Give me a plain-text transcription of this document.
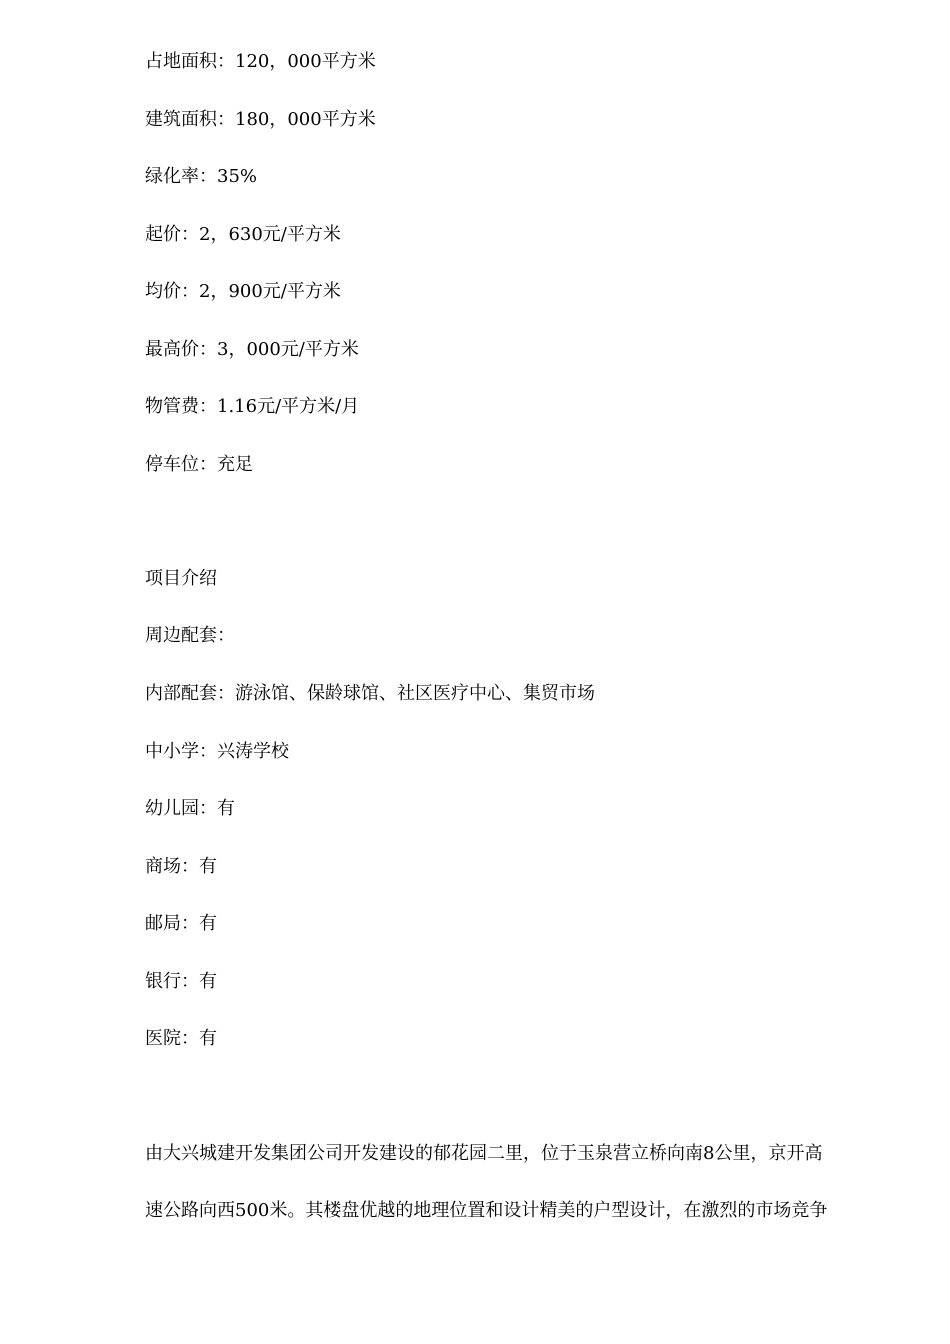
占地面积：120，000平方米
建筑面积：180，000平方米
绿化率：35%
起价：2，630元/平方米
均价：2，900元/平方米
最高价：3，000元/平方米
物管费：1.16元/平方米/月
停车位：充足
项目介绍
周边配套：
内部配套：游泳馆、保龄球馆、社区医疗中心、集贸市场
中小学：兴涛学校
幼儿园：有
商场：有
邮局：有
银行：有
医院：有
由大兴城建开发集团公司开发建设的郁花园二里，位于玉泉营立桥向南8公里，京开高
速公路向西500米。其楼盘优越的地理位置和设计精美的户型设计，在激烈的市场竞争
